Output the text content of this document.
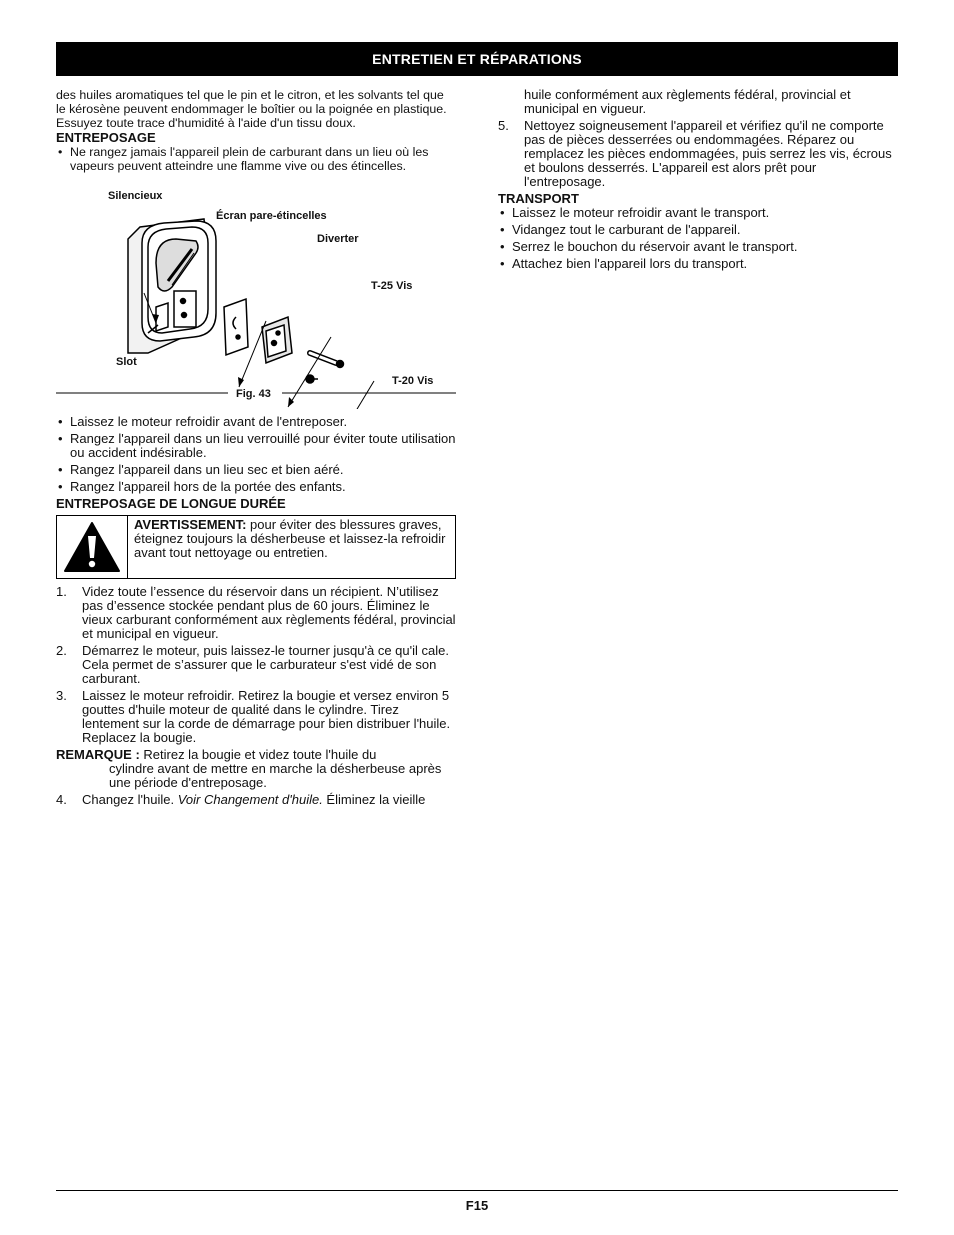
ENTRETIEN ET RÉPARATIONS

des huiles aromatiques tel que le pin et le citron, et les solvants tel que le kérosène peuvent endommager le boîtier ou la poignée en plastique. Essuyez toute trace d'humidité à l'aide d'un tissu doux.

ENTREPOSAGE

• Ne rangez jamais l'appareil plein de carburant dans un lieu où les vapeurs peuvent atteindre une flamme vive ou des étincelles.
Silencieux
Écran pare-étincelles
Diverter
T-25 Vis
Slot
T-20 Vis
Fig. 43
• Laissez le moteur refroidir avant de l'entreposer.
• Rangez l'appareil dans un lieu verrouillé pour éviter toute utilisation ou accident indésirable.
• Rangez l'appareil dans un lieu sec et bien aéré.
• Rangez l'appareil hors de la portée des enfants.

ENTREPOSAGE DE LONGUE DURÉE

AVERTISSEMENT: pour éviter des blessures graves, éteignez toujours la désherbeuse et laissez-la refroidir avant tout nettoyage ou entretien.
1. Videz toute l’essence du réservoir dans un récipient. N’utilisez pas d’essence stockée pendant plus de 60 jours. Éliminez le vieux carburant conformément aux règlements fédéral, provincial et municipal en vigueur.
2. Démarrez le moteur, puis laissez-le tourner jusqu'à ce qu'il cale. Cela permet de s’assurer que le carburateur s'est vidé de son carburant.
3. Laissez le moteur refroidir. Retirez la bougie et versez environ 5 gouttes d'huile moteur de qualité dans le cylindre. Tirez lentement sur la corde de démarrage pour bien distribuer l'huile. Replacez la bougie.
REMARQUE : Retirez la bougie et videz toute l'huile du
cylindre avant de mettre en marche la désherbeuse après une période d'entreposage.
4. Changez l'huile. Voir Changement d'huile. Éliminez la vieille
huile conformément aux règlements fédéral, provincial et municipal en vigueur.
5. Nettoyez soigneusement l'appareil et vérifiez qu'il ne comporte pas de pièces desserrées ou endommagées. Réparez ou remplacez les pièces endommagées, puis serrez les vis, écrous et boulons desserrés. L'appareil est alors prêt pour l'entreposage.

TRANSPORT

• Laissez le moteur refroidir avant le transport.
• Vidangez tout le carburant de l'appareil.
• Serrez le bouchon du réservoir avant le transport.
• Attachez bien l'appareil lors du transport.
F15
